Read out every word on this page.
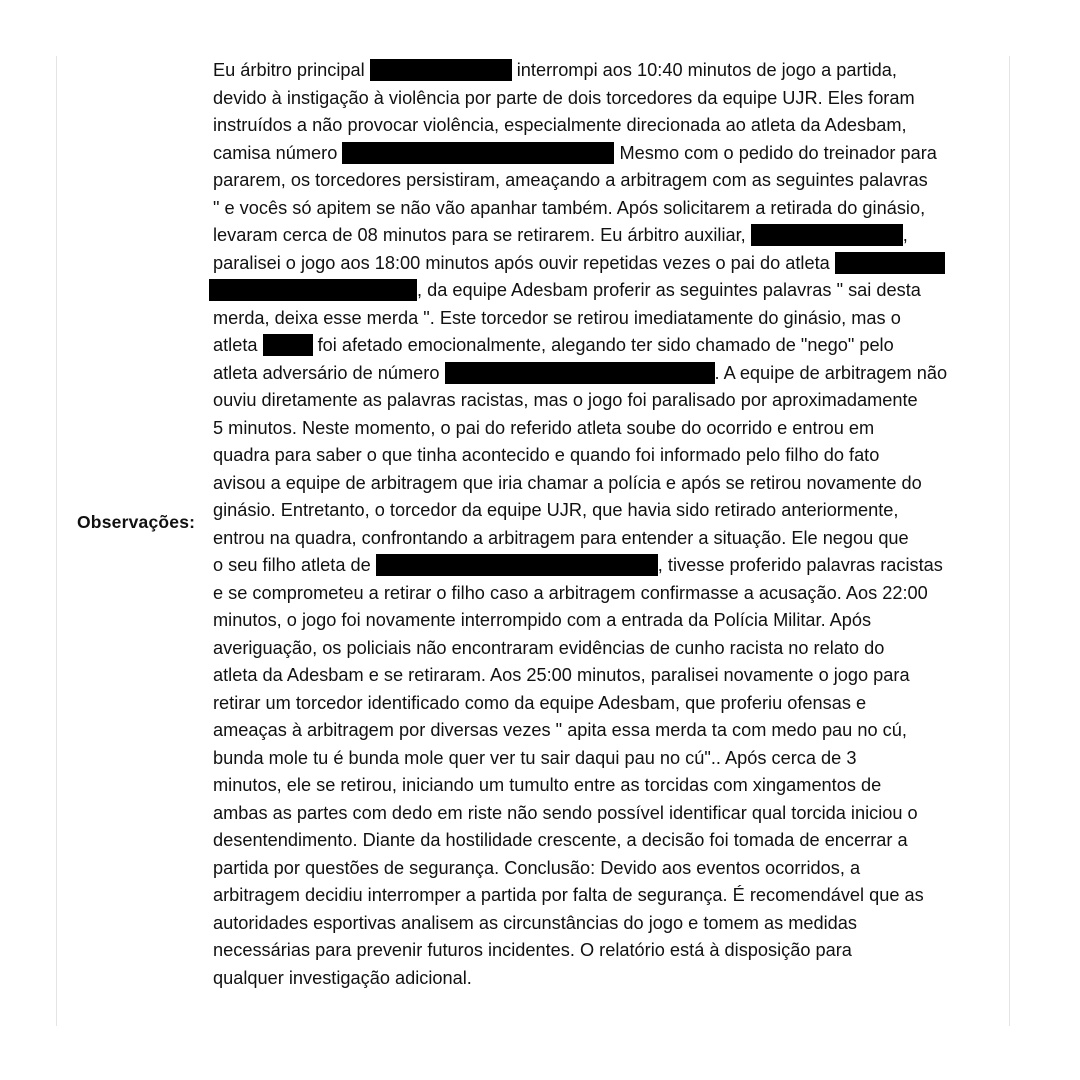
Observações:
Eu árbitro principal	interrompi aos 10:40 minutos de jogo a partida,
devido à instigação à violência por parte de dois torcedores da equipe UJR. Eles foram
instruídos a não provocar violência, especialmente direcionada ao atleta da Adesbam,
camisa número	Mesmo com o pedido do treinador para
pararem, os torcedores persistiram, ameaçando a arbitragem com as seguintes palavras
" e vocês só apitem se não vão apanhar também. Após solicitarem a retirada do ginásio,
levaram cerca de 08 minutos para se retirarem. Eu árbitro auxiliar,	,
paralisei o jogo aos 18:00 minutos após ouvir repetidas vezes o pai do atleta
, da equipe Adesbam proferir as seguintes palavras " sai desta
merda, deixa esse merda ". Este torcedor se retirou imediatamente do ginásio, mas o
atleta	foi afetado emocionalmente, alegando ter sido chamado de "nego" pelo
atleta adversário de número	. A equipe de arbitragem não
ouviu diretamente as palavras racistas, mas o jogo foi paralisado por aproximadamente
5 minutos. Neste momento, o pai do referido atleta soube do ocorrido e entrou em
quadra para saber o que tinha acontecido e quando foi informado pelo filho do fato
avisou a equipe de arbitragem que iria chamar a polícia e após se retirou novamente do
ginásio. Entretanto, o torcedor da equipe UJR, que havia sido retirado anteriormente,
entrou na quadra, confrontando a arbitragem para entender a situação. Ele negou que
o seu filho atleta de	, tivesse proferido palavras racistas
e se comprometeu a retirar o filho caso a arbitragem confirmasse a acusação. Aos 22:00
minutos, o jogo foi novamente interrompido com a entrada da Polícia Militar. Após
averiguação, os policiais não encontraram evidências de cunho racista no relato do
atleta da Adesbam e se retiraram. Aos 25:00 minutos, paralisei novamente o jogo para
retirar um torcedor identificado como da equipe Adesbam, que proferiu ofensas e
ameaças à arbitragem por diversas vezes " apita essa merda ta com medo pau no cú,
bunda mole tu é bunda mole quer ver tu sair daqui pau no cú".. Após cerca de 3
minutos, ele se retirou, iniciando um tumulto entre as torcidas com xingamentos de
ambas as partes com dedo em riste não sendo possível identificar qual torcida iniciou o
desentendimento. Diante da hostilidade crescente, a decisão foi tomada de encerrar a
partida por questões de segurança. Conclusão: Devido aos eventos ocorridos, a
arbitragem decidiu interromper a partida por falta de segurança. É recomendável que as
autoridades esportivas analisem as circunstâncias do jogo e tomem as medidas
necessárias para prevenir futuros incidentes. O relatório está à disposição para
qualquer investigação adicional.
